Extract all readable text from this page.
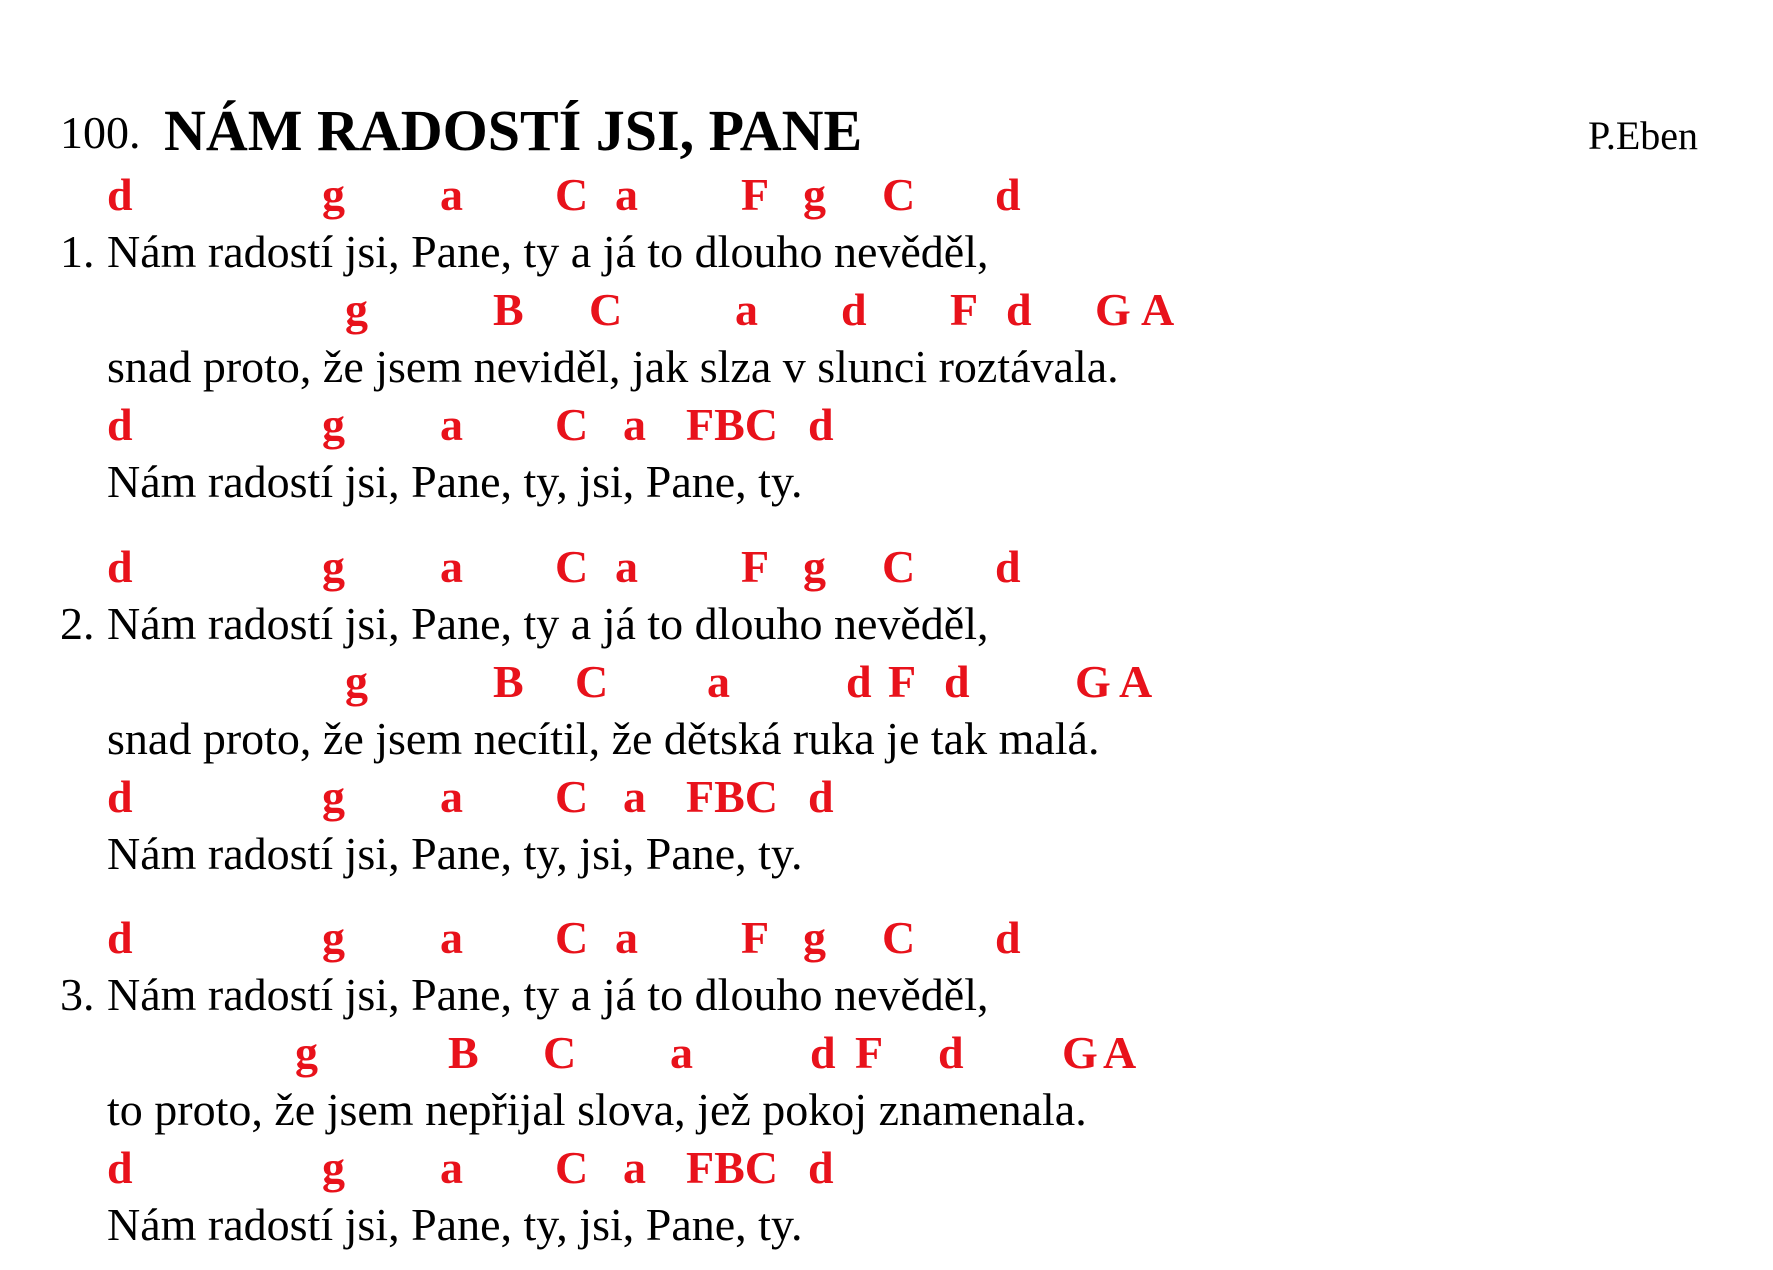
100. NÁM RADOSTÍ JSI, PANE	P.Eben
d	g a C a F g C d
1. Nám radostí jsi, Pane, ty a já to dlouho nevěděl,
g	B C a d F d G A
snad proto, že jsem neviděl, jak slza v slunci roztávala.
d	g a C a FBC d
Nám radostí jsi, Pane, ty, jsi, Pane, ty.
d	g a C a F g C d
2. Nám radostí jsi, Pane, ty a já to dlouho nevěděl,
g	B C a	d F d G A
snad proto, že jsem necítil, že dětská ruka je tak malá.
d	g a C a FBC d
Nám radostí jsi, Pane, ty, jsi, Pane, ty.
d	g a C a F g C d
3. Nám radostí jsi, Pane, ty a já to dlouho nevěděl,
g	B C a	d F d G A
to proto, že jsem nepřijal slova, jež pokoj znamenala.
d	g a C a FBC d
Nám radostí jsi, Pane, ty, jsi, Pane, ty.
